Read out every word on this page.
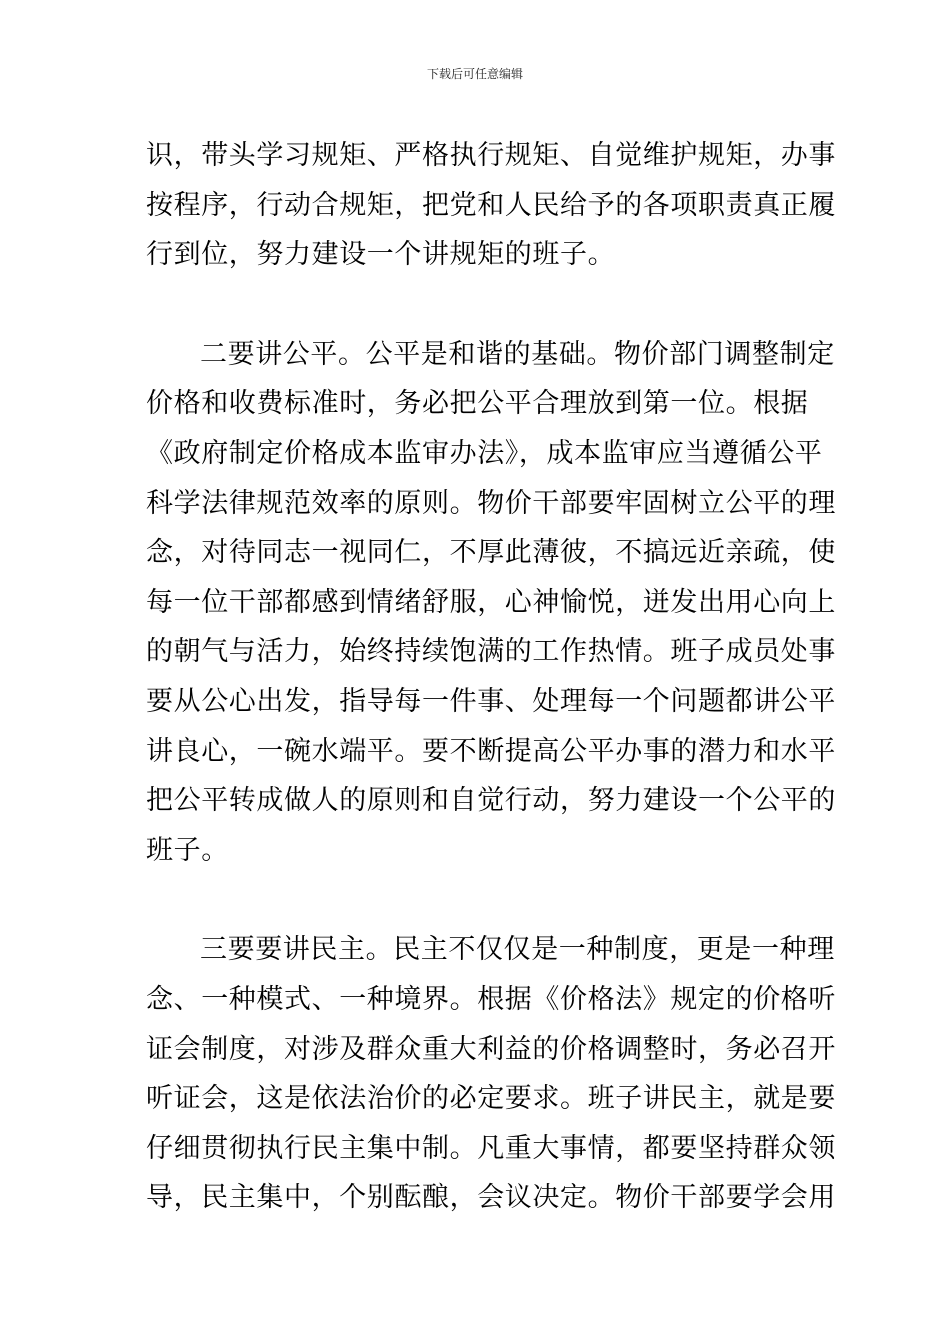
下载后可任意编辑
识，带头学习规矩、严格执行规矩、自觉维护规矩，办事
按程序，行动合规矩，把党和人民给予的各项职责真正履
行到位，努力建设一个讲规矩的班子。
二要讲公平。公平是和谐的基础。物价部门调整制定
价格和收费标准时，务必把公平合理放到第一位。根据
《政府制定价格成本监审办法》，成本监审应当遵循公平
科学法律规范效率的原则。物价干部要牢固树立公平的理
念，对待同志一视同仁，不厚此薄彼，不搞远近亲疏，使
每一位干部都感到情绪舒服，心神愉悦，迸发出用心向上
的朝气与活力，始终持续饱满的工作热情。班子成员处事
要从公心出发，指导每一件事、处理每一个问题都讲公平
讲良心，一碗水端平。要不断提高公平办事的潜力和水平
把公平转成做人的原则和自觉行动，努力建设一个公平的
班子。
三要要讲民主。民主不仅仅是一种制度，更是一种理
念、一种模式、一种境界。根据《价格法》规定的价格听
证会制度，对涉及群众重大利益的价格调整时，务必召开
听证会，这是依法治价的必定要求。班子讲民主，就是要
仔细贯彻执行民主集中制。凡重大事情，都要坚持群众领
导，民主集中，个别酝酿，会议决定。物价干部要学会用
